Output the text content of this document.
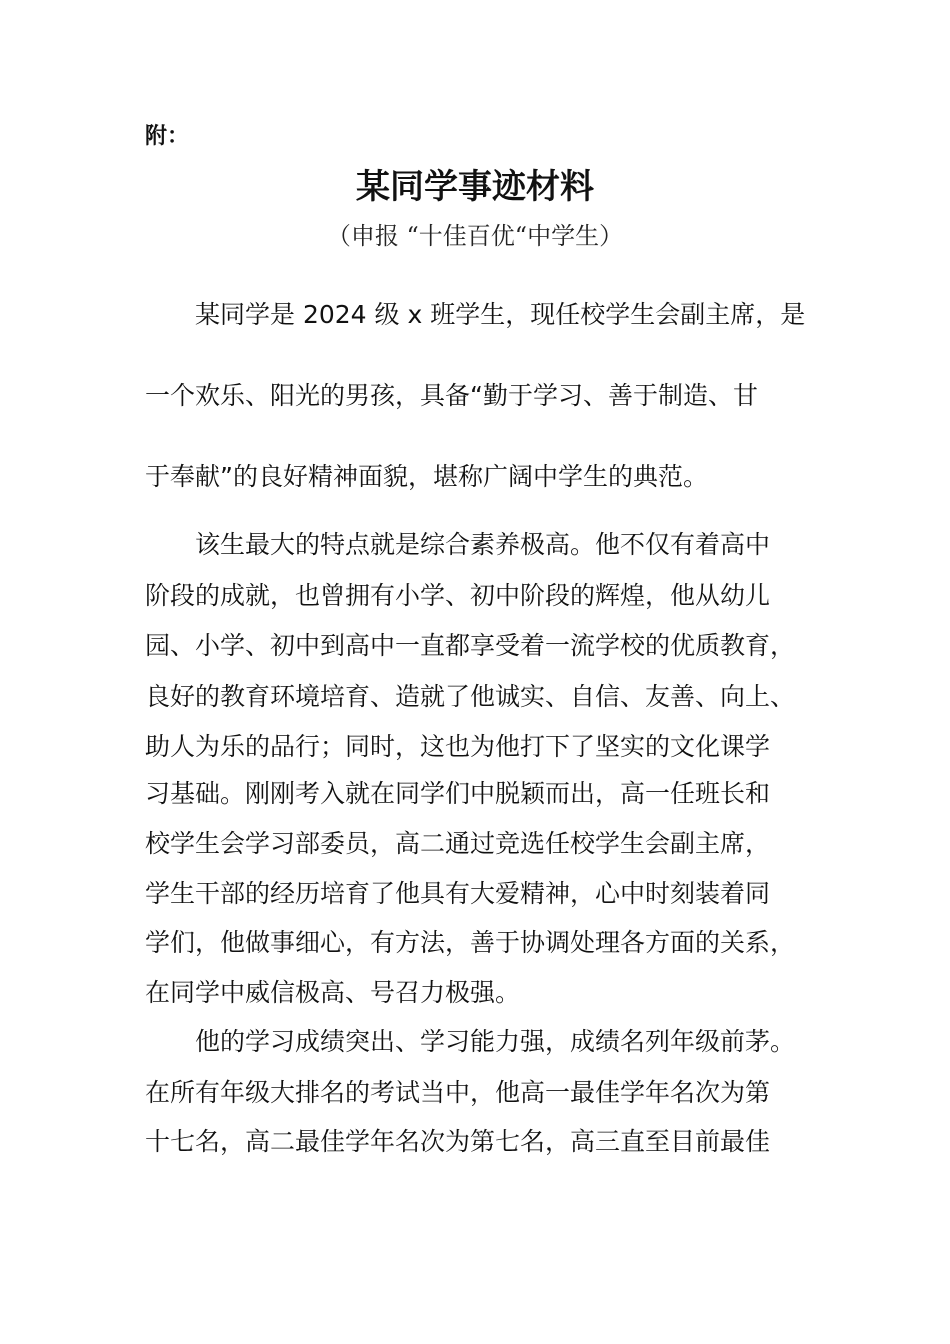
附：
某同学事迹材料
（申报 “十佳百优“中学生）
某同学是 2024 级 x 班学生，现任校学生会副主席，是
一个欢乐、阳光的男孩，具备“勤于学习、善于制造、甘
于奉献”的良好精神面貌，堪称广阔中学生的典范。
该生最大的特点就是综合素养极高。他不仅有着高中
阶段的成就，也曾拥有小学、初中阶段的辉煌，他从幼儿
园、小学、初中到高中一直都享受着一流学校的优质教育，
良好的教育环境培育、造就了他诚实、自信、友善、向上、
助人为乐的品行；同时，这也为他打下了坚实的文化课学
习基础。刚刚考入就在同学们中脱颖而出，高一任班长和
校学生会学习部委员，高二通过竞选任校学生会副主席，
学生干部的经历培育了他具有大爱精神，心中时刻装着同
学们，他做事细心，有方法，善于协调处理各方面的关系，
在同学中威信极高、号召力极强。
他的学习成绩突出、学习能力强，成绩名列年级前茅。
在所有年级大排名的考试当中，他高一最佳学年名次为第
十七名，高二最佳学年名次为第七名，高三直至目前最佳
